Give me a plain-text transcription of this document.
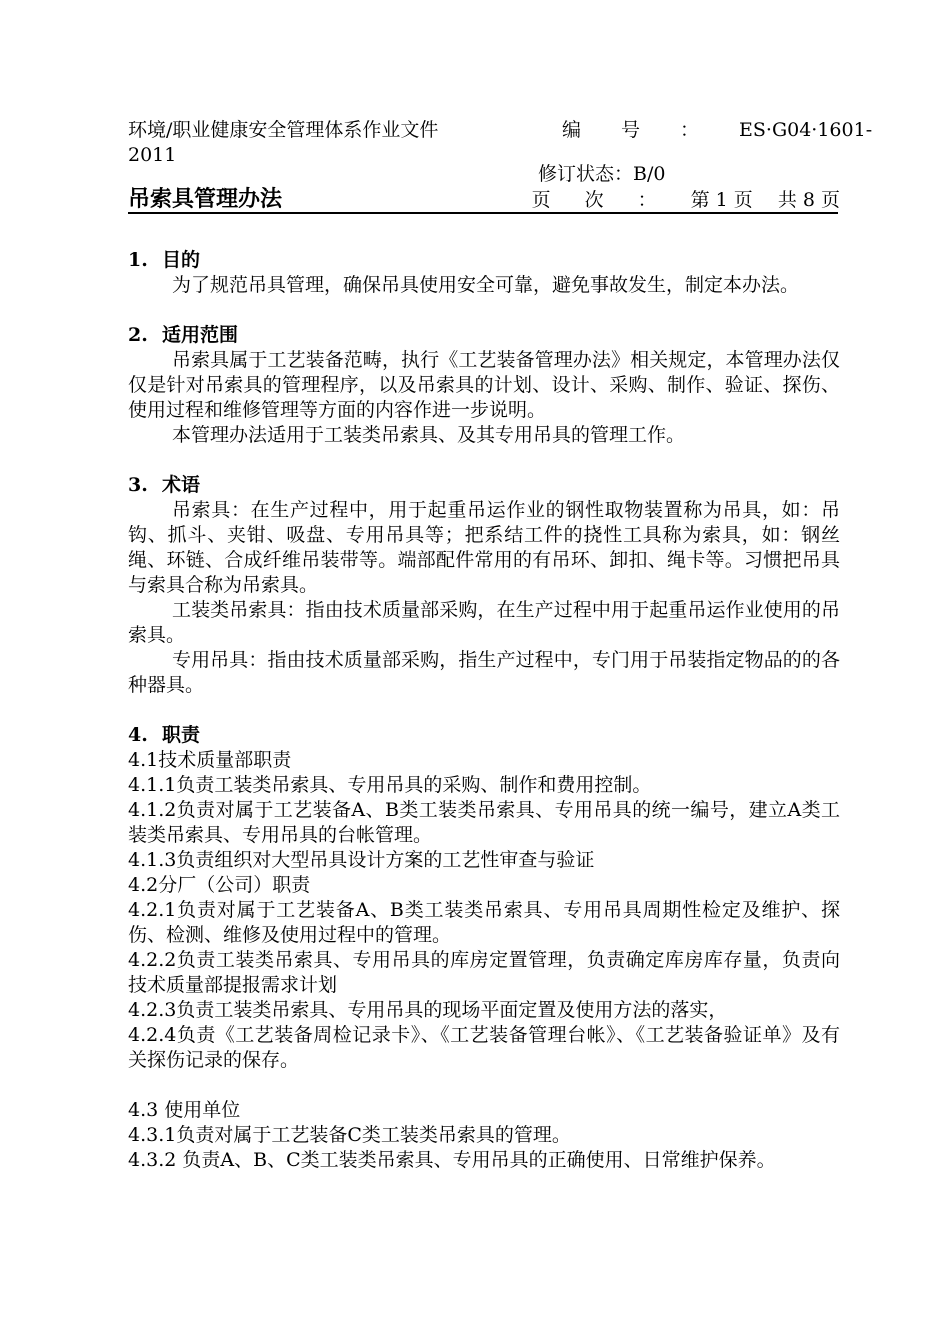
环境/职业健康安全管理体系作业文件	编号：ES·G04·1601-
2011
修订状态：B/0
吊索具管理办法	页次：第 1 页　 共 8 页
1. 目的

为了规范吊具管理，确保吊具使用安全可靠，避免事故发生，制定本办法。

2. 适用范围

吊索具属于工艺装备范畴，执行《工艺装备管理办法》相关规定，本管理办法仅仅是针对吊索具的管理程序，以及吊索具的计划、设计、采购、制作、验证、探伤、使用过程和维修管理等方面的内容作进一步说明。

本管理办法适用于工装类吊索具、及其专用吊具的管理工作。

3. 术语

吊索具：在生产过程中，用于起重吊运作业的钢性取物装置称为吊具，如：吊钩、抓斗、夹钳、吸盘、专用吊具等；把系结工件的挠性工具称为索具，如：钢丝绳、环链、合成纤维吊装带等。端部配件常用的有吊环、卸扣、绳卡等。习惯把吊具与索具合称为吊索具。

工装类吊索具：指由技术质量部采购，在生产过程中用于起重吊运作业使用的吊索具。

专用吊具：指由技术质量部采购，指生产过程中，专门用于吊装指定物品的的各种器具。

4. 职责

4.1技术质量部职责

4.1.1负责工装类吊索具、专用吊具的采购、制作和费用控制。

4.1.2负责对属于工艺装备A、B类工装类吊索具、专用吊具的统一编号，建立A类工装类吊索具、专用吊具的台帐管理。

4.1.3负责组织对大型吊具设计方案的工艺性审查与验证

4.2分厂（公司）职责

4.2.1负责对属于工艺装备A、B类工装类吊索具、专用吊具周期性检定及维护、探伤、检测、维修及使用过程中的管理。

4.2.2负责工装类吊索具、专用吊具的库房定置管理，负责确定库房库存量，负责向技术质量部提报需求计划

4.2.3负责工装类吊索具、专用吊具的现场平面定置及使用方法的落实，

4.2.4负责《工艺装备周检记录卡》、《工艺装备管理台帐》、《工艺装备验证单》及有关探伤记录的保存。

4.3 使用单位

4.3.1负责对属于工艺装备C类工装类吊索具的管理。

4.3.2 负责A、B、C类工装类吊索具、专用吊具的正确使用、日常维护保养。
